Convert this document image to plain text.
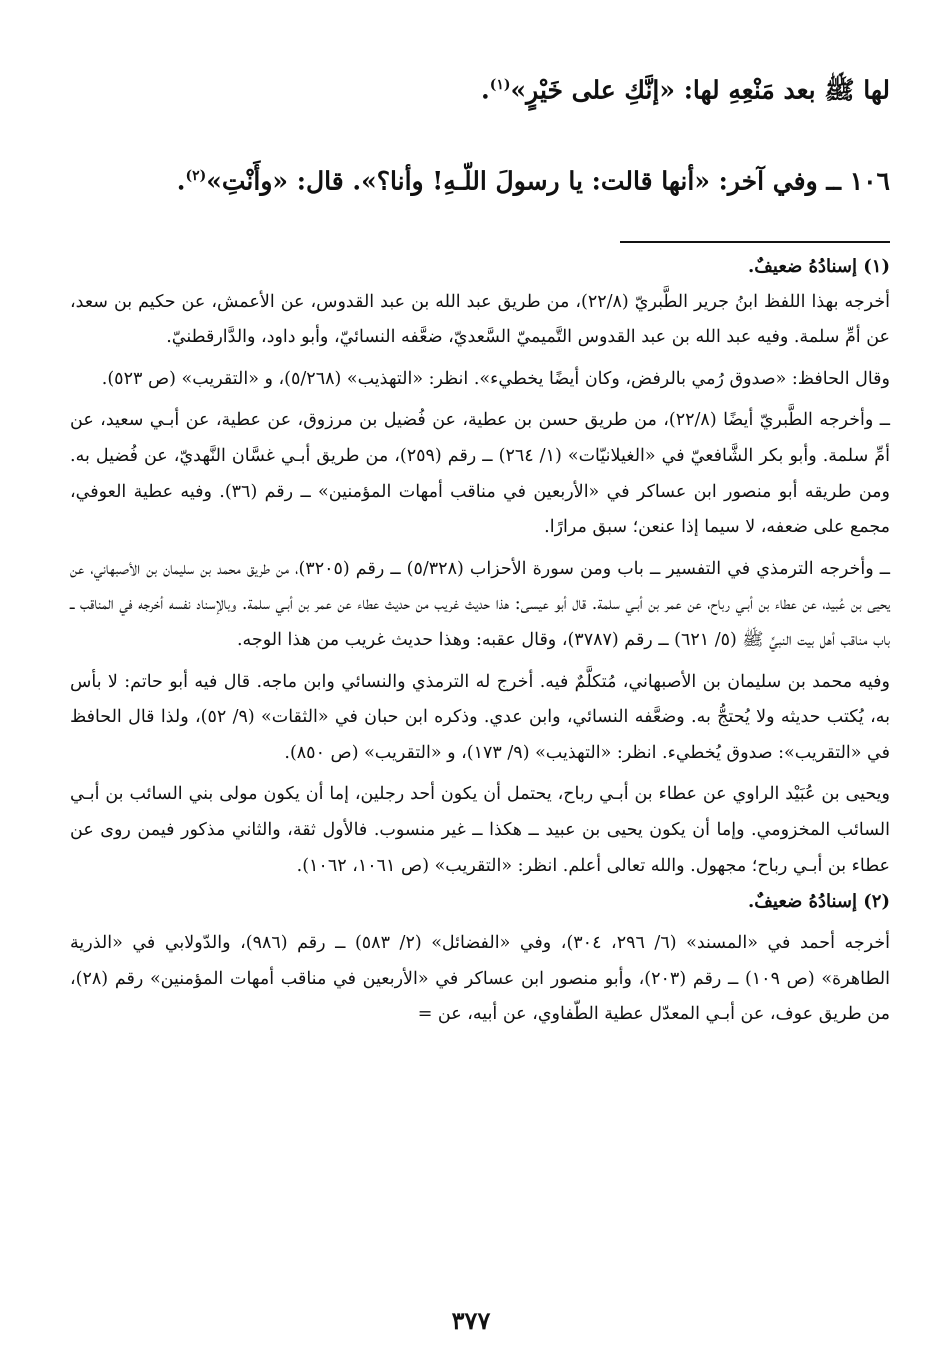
لها ﷺ بعد مَنْعِهِ لها: «إنَّكِ على خَيْرٍ»$^{(١)}$.

١٠٦ ــ وفي آخر: «أنها قالت: يا رسولَ اللّـهِ! وأنا؟». قال: «وأَنْتِ»$^{(٢)}$.

(١) إسنادُهُ ضعيفٌ.

أخرجه بهذا اللفظ ابنُ جرير الطَّبريّ (٢٢/٨)، من طريق عبد الله بن عبد القدوس، عن الأعمش، عن حكيم بن سعد، عن أمِّ سلمة. وفيه عبد الله بن عبد القدوس التَّميميّ السَّعديّ، ضعَّفه النسائيّ، وأبو داود، والدَّارقطنيّ.

وقال الحافظ: «صدوق رُمي بالرفض، وكان أيضًا يخطيء». انظر: «التهذيب» (٥/٢٦٨)، و «التقريب» (ص ٥٢٣).

ــ وأخرجه الطَّبريّ أيضًا (٢٢/٨)، من طريق حسن بن عطية، عن فُضيل بن مرزوق، عن عطية، عن أبـي سعيد، عن أمِّ سلمة. وأبو بكر الشَّافعيّ في «الغيلانيّات» (١/ ٢٦٤) ــ رقم (٢٥٩)، من طريق أبـي غسَّان النَّهديّ، عن فُضيل به. ومن طريقه أبو منصور ابن عساكر في «الأربعين في مناقب أمهات المؤمنين» ــ رقم (٣٦). وفيه عطية العوفي، مجمع على ضعفه، لا سيما إذا عنعن؛ سبق مرارًا.

ــ وأخرجه الترمذي في التفسير ــ باب ومن سورة الأحزاب (٥/٣٢٨) ــ رقم (٣٢٠٥)، من طريق محمد بن سليمان بن الأصبهاني، عن يحيى بن عُبيد، عن عطاء بن أبـي رباح، عن عمر بن أبـي سلمة. قال أبو عيسى: هذا حديث غريب من حديث عطاء عن عمر بن أبـي سلمة. وبالإسناد نفسه أخرجه في المناقب ــ باب مناقب أهل بيت النبيِّ ﷺ (٥/ ٦٢١) ــ رقم (٣٧٨٧)، وقال عقبه: وهذا حديث غريب من هذا الوجه.

وفيه محمد بن سليمان بن الأصبهاني، مُتكلَّمٌ فيه. أخرج له الترمذي والنسائي وابن ماجه. قال فيه أبو حاتم: لا بأس به، يُكتب حديثه ولا يُحتجُّ به. وضعَّفه النسائي، وابن عدي. وذكره ابن حبان في «الثقات» (٩/ ٥٢)، ولذا قال الحافظ في «التقريب»: صدوق يُخطيء. انظر: «التهذيب» (٩/ ١٧٣)، و «التقريب» (ص ٨٥٠).

ويحيى بن عُبَيْد الراوي عن عطاء بن أبـي رباح، يحتمل أن يكون أحد رجلين، إما أن يكون مولى بني السائب بن أبـي السائب المخزومي. وإما أن يكون يحيى بن عبيد ــ هكذا ــ غير منسوب. فالأول ثقة، والثاني مذكور فيمن روى عن عطاء بن أبـي رباح؛ مجهول. والله تعالى أعلم. انظر: «التقريب» (ص ١٠٦١، ١٠٦٢).

(٢) إسنادُهُ ضعيفٌ.

أخرجه أحمد في «المسند» (٦/ ٢٩٦، ٣٠٤)، وفي «الفضائل» (٢/ ٥٨٣) ــ رقم (٩٨٦)، والدّولابي في «الذرية الطاهرة» (ص ١٠٩) ــ رقم (٢٠٣)، وأبو منصور ابن عساكر في «الأربعين في مناقب أمهات المؤمنين» رقم (٢٨)، من طريق عوف، عن أبـي المعدّل عطية الطّفاوي، عن أبيه، عن =

٣٧٧
